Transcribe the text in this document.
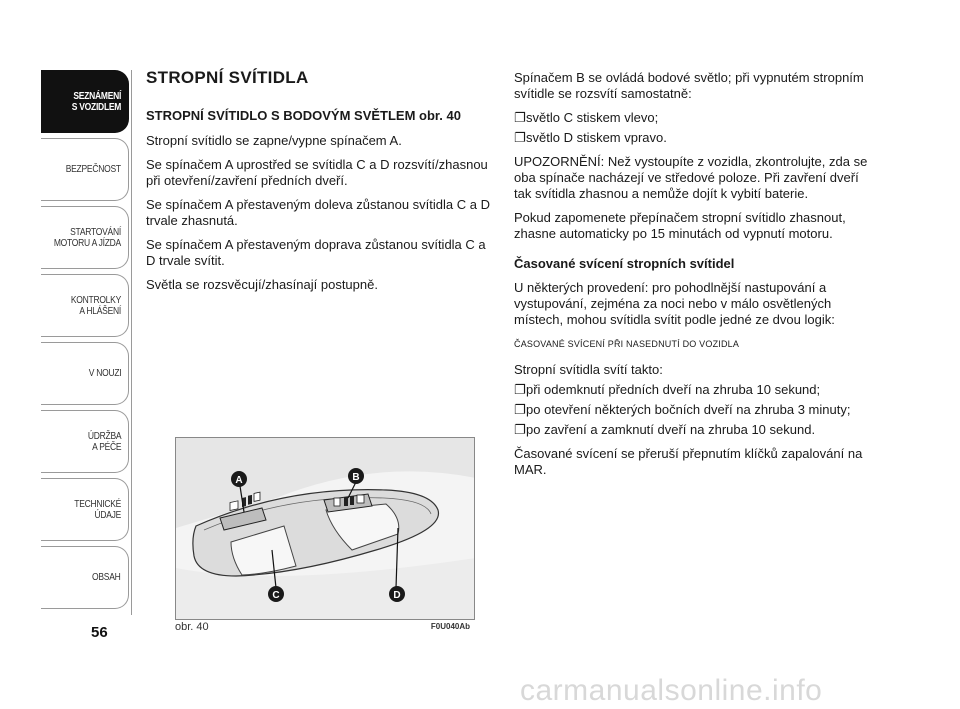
SEZNÁMENÍ
S VOZIDLEM
BEZPEČNOST
STARTOVÁNÍ
MOTORU A JÍZDA
KONTROLKY
A HLÁŠENÍ
V NOUZI
ÚDRŽBA
A PÉČE
TECHNICKÉ
ÚDAJE
OBSAH
56
STROPNÍ SVÍTIDLA
STROPNÍ SVÍTIDLO S BODOVÝM SVĚTLEM obr. 40

Stropní svítidlo se zapne/vypne spínačem A.

Se spínačem A uprostřed se svítidla C a D rozsvítí/zhasnou při otevření/zavření předních dveří.

Se spínačem A přestaveným doleva zůstanou svítidla C a D trvale zhasnutá.

Se spínačem A přestaveným doprava zůstanou svítidla C a D trvale svítit.

Světla se rozsvěcují/zhasínají postupně.

A	B
C	D
obr. 40	F0U040Ab

Spínačem B se ovládá bodové světlo; při vypnutém stropním svítidle se rozsvítí samostatně:

❐ světlo C stiskem vlevo;
❐ světlo D stiskem vpravo.

UPOZORNĚNÍ: Než vystoupíte z vozidla, zkontrolujte, zda se oba spínače nacházejí ve středové poloze. Při zavření dveří tak svítidla zhasnou a nemůže dojít k vybití baterie.

Pokud zapomenete přepínačem stropní svítidlo zhasnout, zhasne automaticky po 15 minutách od vypnutí motoru.

Časované svícení stropních svítidel

U některých provedení: pro pohodlnější nastupování a vystupování, zejména za noci nebo v málo osvětlených místech, mohou svítidla svítit podle jedné ze dvou logik:

ČASOVANÉ SVÍCENÍ PŘI NASEDNUTÍ DO VOZIDLA

Stropní svítidla svítí takto:

❐ při odemknutí předních dveří na zhruba 10 sekund;
❐ po otevření některých bočních dveří na zhruba 3 minuty;
❐ po zavření a zamknutí dveří na zhruba 10 sekund.

Časované svícení se přeruší přepnutím klíčků zapalování na MAR.

carmanualsonline.info
